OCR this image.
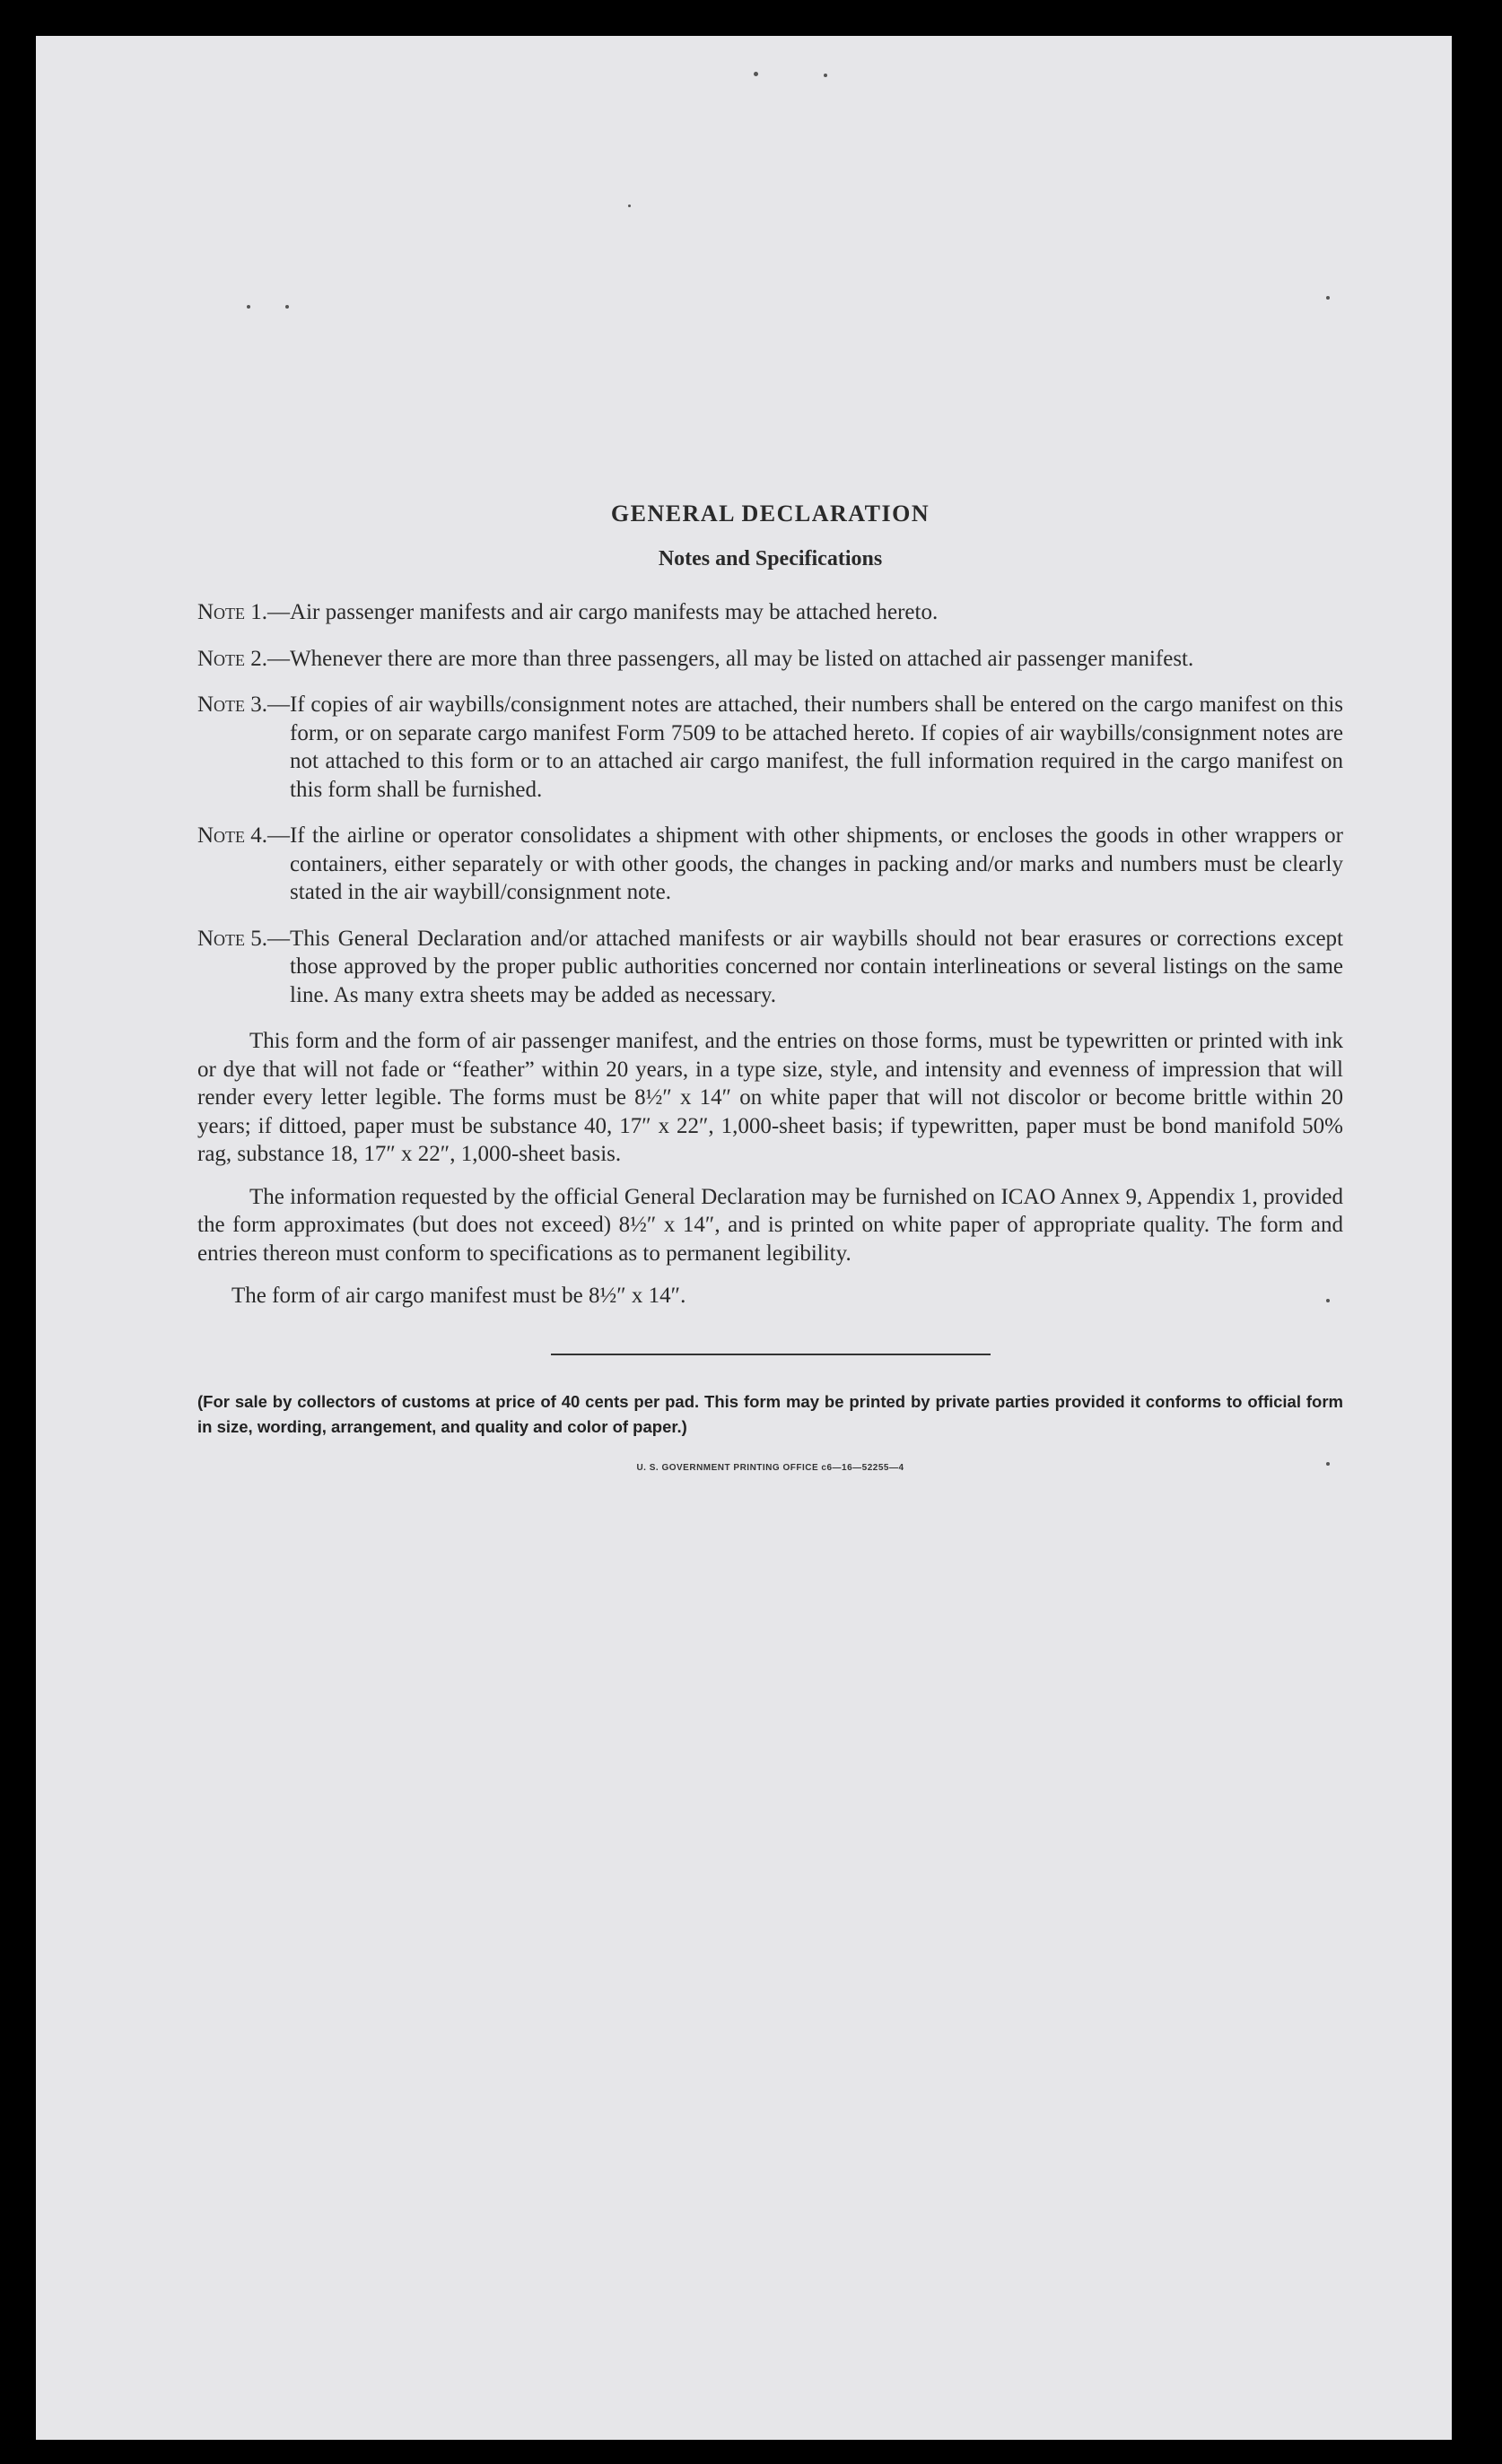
GENERAL DECLARATION
Notes and Specifications
Note 1.— Air passenger manifests and air cargo manifests may be attached hereto.
Note 2.— Whenever there are more than three passengers, all may be listed on attached air passenger manifest.
Note 3.— If copies of air waybills/consignment notes are attached, their numbers shall be entered on the cargo manifest on this form, or on separate cargo manifest Form 7509 to be attached hereto. If copies of air waybills/consignment notes are not attached to this form or to an attached air cargo manifest, the full information required in the cargo manifest on this form shall be furnished.
Note 4.— If the airline or operator consolidates a shipment with other shipments, or encloses the goods in other wrappers or containers, either separately or with other goods, the changes in packing and/or marks and numbers must be clearly stated in the air waybill/consignment note.
Note 5.— This General Declaration and/or attached manifests or air waybills should not bear erasures or corrections except those approved by the proper public authorities concerned nor contain interlineations or several listings on the same line. As many extra sheets may be added as necessary.

This form and the form of air passenger manifest, and the entries on those forms, must be typewritten or printed with ink or dye that will not fade or “feather” within 20 years, in a type size, style, and intensity and evenness of impression that will render every letter legible. The forms must be 8½″ x 14″ on white paper that will not discolor or become brittle within 20 years; if dittoed, paper must be substance 40, 17″ x 22″, 1,000-sheet basis; if typewritten, paper must be bond manifold 50% rag, substance 18, 17″ x 22″, 1,000-sheet basis.

The information requested by the official General Declaration may be furnished on ICAO Annex 9, Appendix 1, provided the form approximates (but does not exceed) 8½″ x 14″, and is printed on white paper of appropriate quality. The form and entries thereon must conform to specifications as to permanent legibility.

The form of air cargo manifest must be 8½″ x 14″.

(For sale by collectors of customs at price of 40 cents per pad. This form may be printed by private parties provided it conforms to official form in size, wording, arrangement, and quality and color of paper.)

U. S. GOVERNMENT PRINTING OFFICE c6—16—52255—4
